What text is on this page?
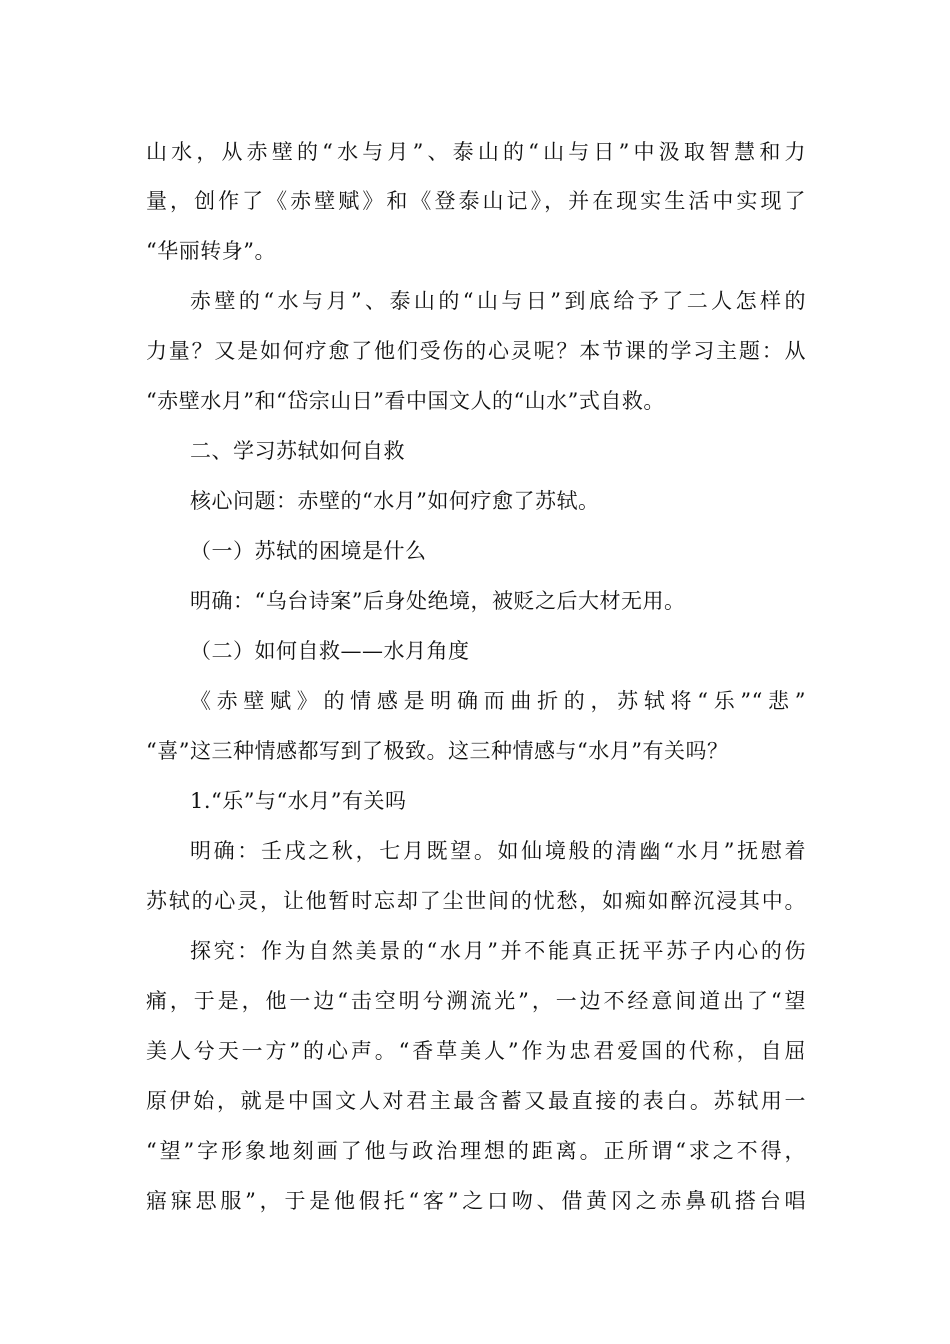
山水，从赤壁的“水与月”、泰山的“山与日”中汲取智慧和力
量，创作了《赤壁赋》和《登泰山记》，并在现实生活中实现了
“华丽转身”。
赤壁的“水与月”、泰山的“山与日”到底给予了二人怎样的
力量？又是如何疗愈了他们受伤的心灵呢？本节课的学习主题：从
“赤壁水月”和“岱宗山日”看中国文人的“山水”式自救。
二、学习苏轼如何自救
核心问题：赤壁的“水月”如何疗愈了苏轼。
（一）苏轼的困境是什么
明确：“乌台诗案”后身处绝境，被贬之后大材无用。
（二）如何自救——水月角度
《赤壁赋》的情感是明确而曲折的，苏轼将“乐”“悲”
“喜”这三种情感都写到了极致。这三种情感与“水月”有关吗？
1.“乐”与“水月”有关吗
明确：壬戌之秋，七月既望。如仙境般的清幽“水月”抚慰着
苏轼的心灵，让他暂时忘却了尘世间的忧愁，如痴如醉沉浸其中。
探究：作为自然美景的“水月”并不能真正抚平苏子内心的伤
痛，于是，他一边“击空明兮溯流光”，一边不经意间道出了“望
美人兮天一方”的心声。“香草美人”作为忠君爱国的代称，自屈
原伊始，就是中国文人对君主最含蓄又最直接的表白。苏轼用一
“望”字形象地刻画了他与政治理想的距离。正所谓“求之不得，
寤寐思服”，于是他假托“客”之口吻、借黄冈之赤鼻矶搭台唱
